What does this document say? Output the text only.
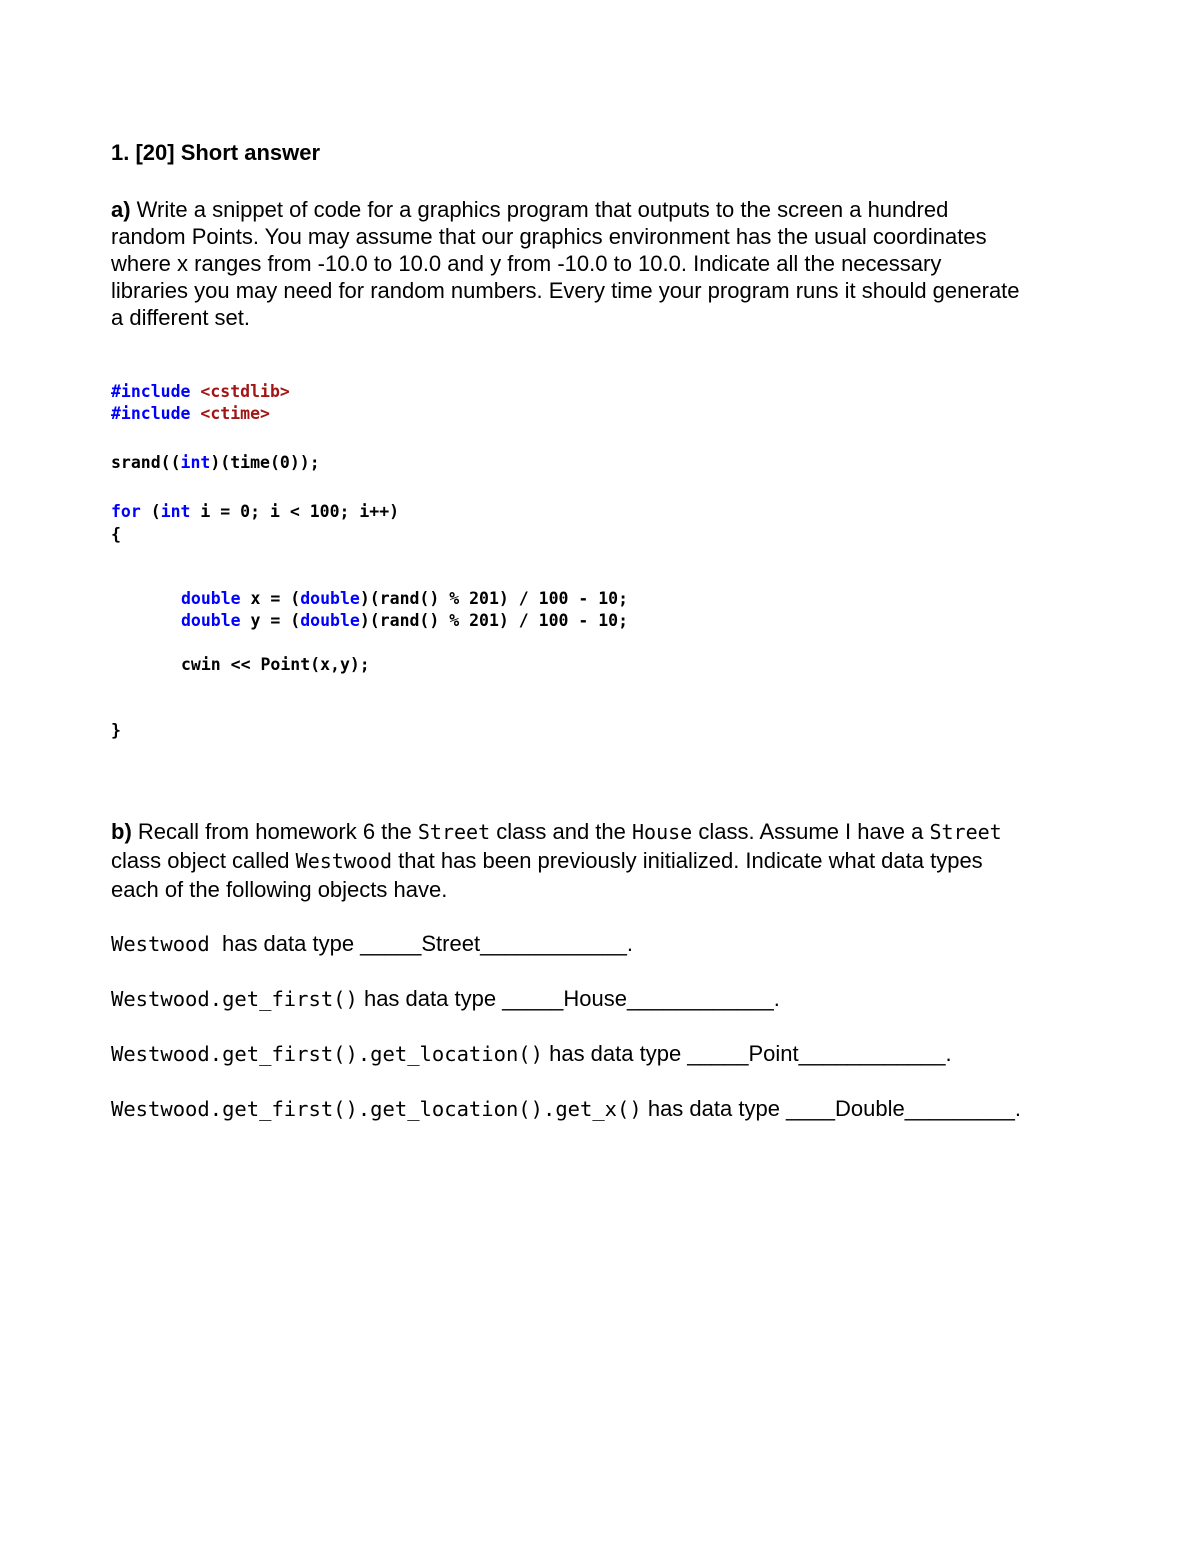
1. [20] Short answer

a) Write a snippet of code for a graphics program that outputs to the screen a hundred

random Points. You may assume that our graphics environment has the usual coordinates

where x ranges from -10.0 to 10.0 and y from -10.0 to 10.0. Indicate all the necessary

libraries you may need for random numbers. Every time your program runs it should generate

a different set.

#include <cstdlib>
#include <ctime>
srand((int)(time(0));
for (int i = 0; i < 100; i++)
{
double x = (double)(rand() % 201) / 100 - 10;
double y = (double)(rand() % 201) / 100 - 10;
cwin << Point(x,y);
}

b) Recall from homework 6 the Street class and the House class. Assume I have a Street

class object called Westwood that has been previously initialized. Indicate what data types

each of the following objects have.

Westwood  has data type _____Street____________.
Westwood.get_first() has data type _____House____________.
Westwood.get_first().get_location() has data type _____Point____________.
Westwood.get_first().get_location().get_x() has data type ____Double_________.
